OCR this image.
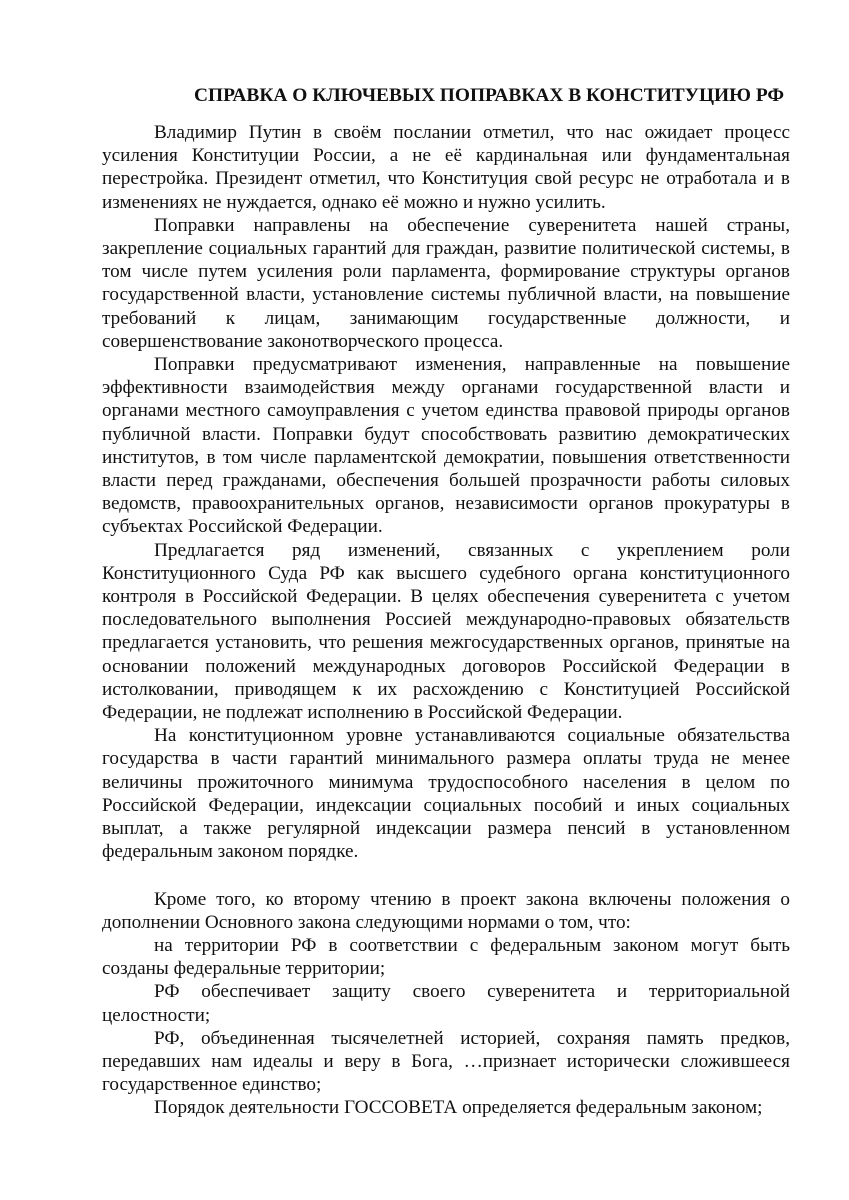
СПРАВКА О КЛЮЧЕВЫХ ПОПРАВКАХ В КОНСТИТУЦИЮ РФ

Владимир Путин в своём послании отметил, что нас ожидает процесс усиления Конституции России, а не её кардинальная или фундаментальная перестройка. Президент отметил, что Конституция свой ресурс не отработала и в изменениях не нуждается, однако её можно и нужно усилить.

Поправки направлены на обеспечение суверенитета нашей страны, закрепление социальных гарантий для граждан, развитие политической системы, в том числе путем усиления роли парламента, формирование структуры органов государственной власти, установление системы публичной власти, на повышение требований к лицам, занимающим государственные должности, и совершенствование законотворческого процесса.

Поправки предусматривают изменения, направленные на повышение эффективности взаимодействия между органами государственной власти и органами местного самоуправления с учетом единства правовой природы органов публичной власти. Поправки будут способствовать развитию демократических институтов, в том числе парламентской демократии, повышения ответственности власти перед гражданами, обеспечения большей прозрачности работы силовых ведомств, правоохранительных органов, независимости органов прокуратуры в субъектах Российской Федерации.

Предлагается ряд изменений, связанных с укреплением роли Конституционного Суда РФ как высшего судебного органа конституционного контроля в Российской Федерации. В целях обеспечения суверенитета с учетом последовательного выполнения Россией международно-правовых обязательств предлагается установить, что решения межгосударственных органов, принятые на основании положений международных договоров Российской Федерации в истолковании, приводящем к их расхождению с Конституцией Российской Федерации, не подлежат исполнению в Российской Федерации.

На конституционном уровне устанавливаются социальные обязательства государства в части гарантий минимального размера оплаты труда не менее величины прожиточного минимума трудоспособного населения в целом по Российской Федерации, индексации социальных пособий и иных социальных выплат, а также регулярной индексации размера пенсий в установленном федеральным законом порядке.

Кроме того, ко второму чтению в проект закона включены положения о дополнении Основного закона следующими нормами о том, что:

на территории РФ в соответствии с федеральным законом могут быть созданы федеральные территории;

РФ обеспечивает защиту своего суверенитета и территориальной целостности;

РФ, объединенная тысячелетней историей, сохраняя память предков, передавших нам идеалы и веру в Бога, …признает исторически сложившееся государственное единство;

Порядок деятельности ГОССОВЕТА определяется федеральным законом;
